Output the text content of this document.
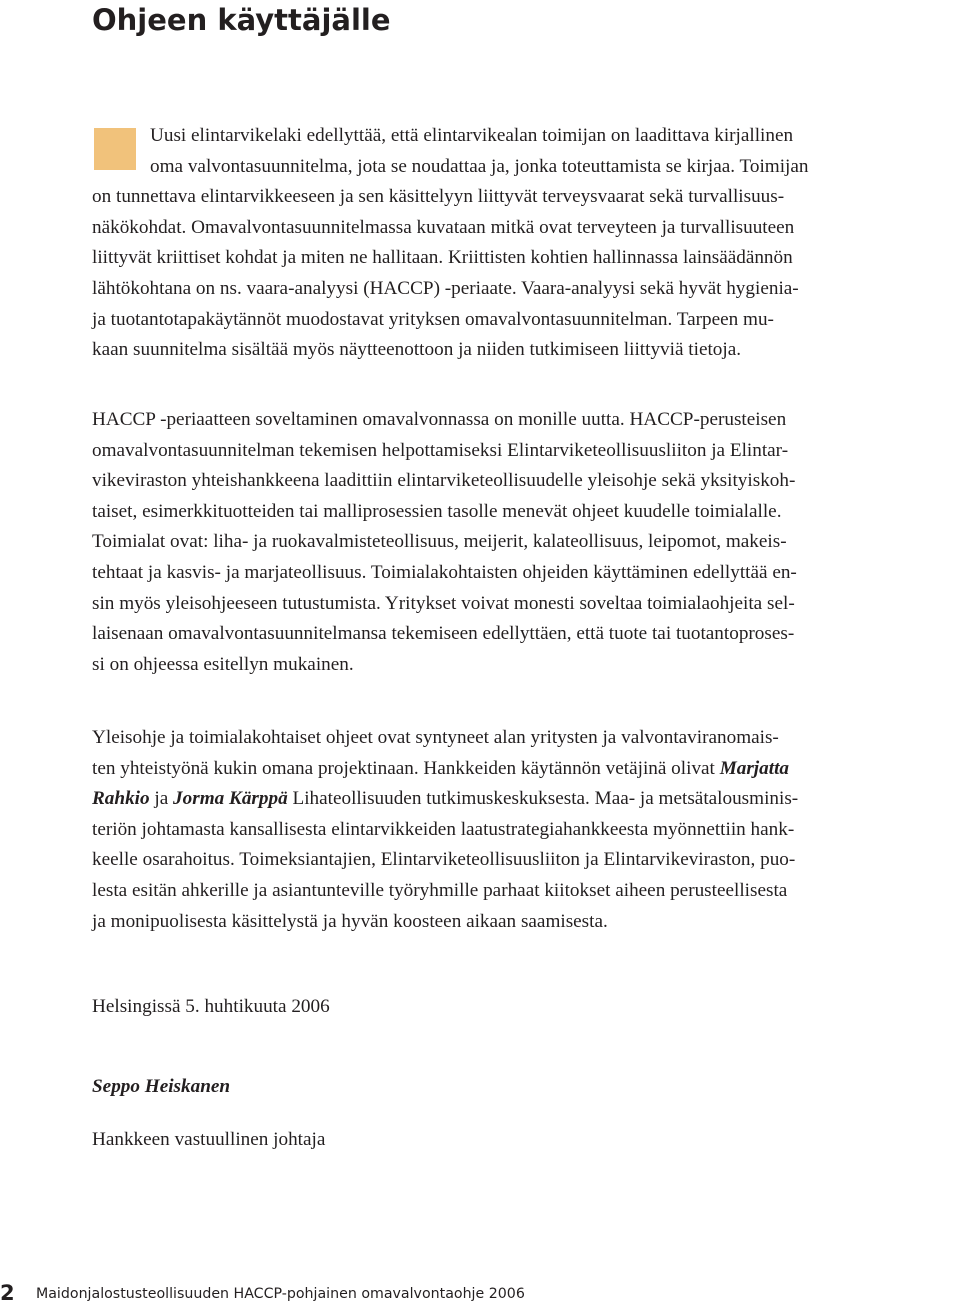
Ohjeen käyttäjälle
Uusi elintarvikelaki edellyttää, että elintarvikealan toimijan on laadittava kirjallinen
oma valvontasuunnitelma, jota se noudattaa ja, jonka toteuttamista se kirjaa. Toimijan
on tunnettava elintarvikkeeseen ja sen käsittelyyn liittyvät terveysvaarat sekä turvallisuus-
näkökohdat. Omavalvontasuunnitelmassa kuvataan mitkä ovat terveyteen ja turvallisuuteen
liittyvät kriittiset kohdat ja miten ne hallitaan. Kriittisten kohtien hallinnassa lainsäädännön
lähtökohtana on ns. vaara-analyysi (HACCP) -periaate. Vaara-analyysi sekä hyvät hygienia-
ja tuotantotapakäytännöt muodostavat yrityksen omavalvontasuunnitelman. Tarpeen mu-
kaan suunnitelma sisältää myös näytteenottoon ja niiden tutkimiseen liittyviä tietoja.
HACCP -periaatteen soveltaminen omavalvonnassa on monille uutta. HACCP-perusteisen
omavalvontasuunnitelman tekemisen helpottamiseksi Elintarviketeollisuusliiton ja Elintar-
vikeviraston yhteishankkeena laadittiin elintarviketeollisuudelle yleisohje sekä yksityiskoh-
taiset, esimerkkituotteiden tai malliprosessien tasolle menevät ohjeet kuudelle toimialalle.
Toimialat ovat: liha- ja ruokavalmisteteollisuus, meijerit, kalateollisuus, leipomot, makeis-
tehtaat ja kasvis- ja marjateollisuus. Toimialakohtaisten ohjeiden käyttäminen edellyttää en-
sin myös yleisohjeeseen tutustumista. Yritykset voivat monesti soveltaa toimialaohjeita sel-
laisenaan omavalvontasuunnitelmansa tekemiseen edellyttäen, että tuote tai tuotantoproses-
si on ohjeessa esitellyn mukainen.
Yleisohje ja toimialakohtaiset ohjeet ovat syntyneet alan yritysten ja valvontaviranomais-
ten yhteistyönä kukin omana projektinaan. Hankkeiden käytännön vetäjinä olivat Marjatta
Rahkio ja Jorma Kärppä Lihateollisuuden tutkimuskeskuksesta. Maa- ja metsätalousminis-
teriön johtamasta kansallisesta elintarvikkeiden laatustrategiahankkeesta myönnettiin hank-
keelle osarahoitus. Toimeksiantajien, Elintarviketeollisuusliiton ja Elintarvikeviraston, puo-
lesta esitän ahkerille ja asiantunteville työryhmille parhaat kiitokset aiheen perusteellisesta
ja monipuolisesta käsittelystä ja hyvän koosteen aikaan saamisesta.
Helsingissä 5. huhtikuuta 2006
Seppo Heiskanen
Hankkeen vastuullinen johtaja
2 Maidonjalostusteollisuuden HACCP-pohjainen omavalvontaohje 2006
